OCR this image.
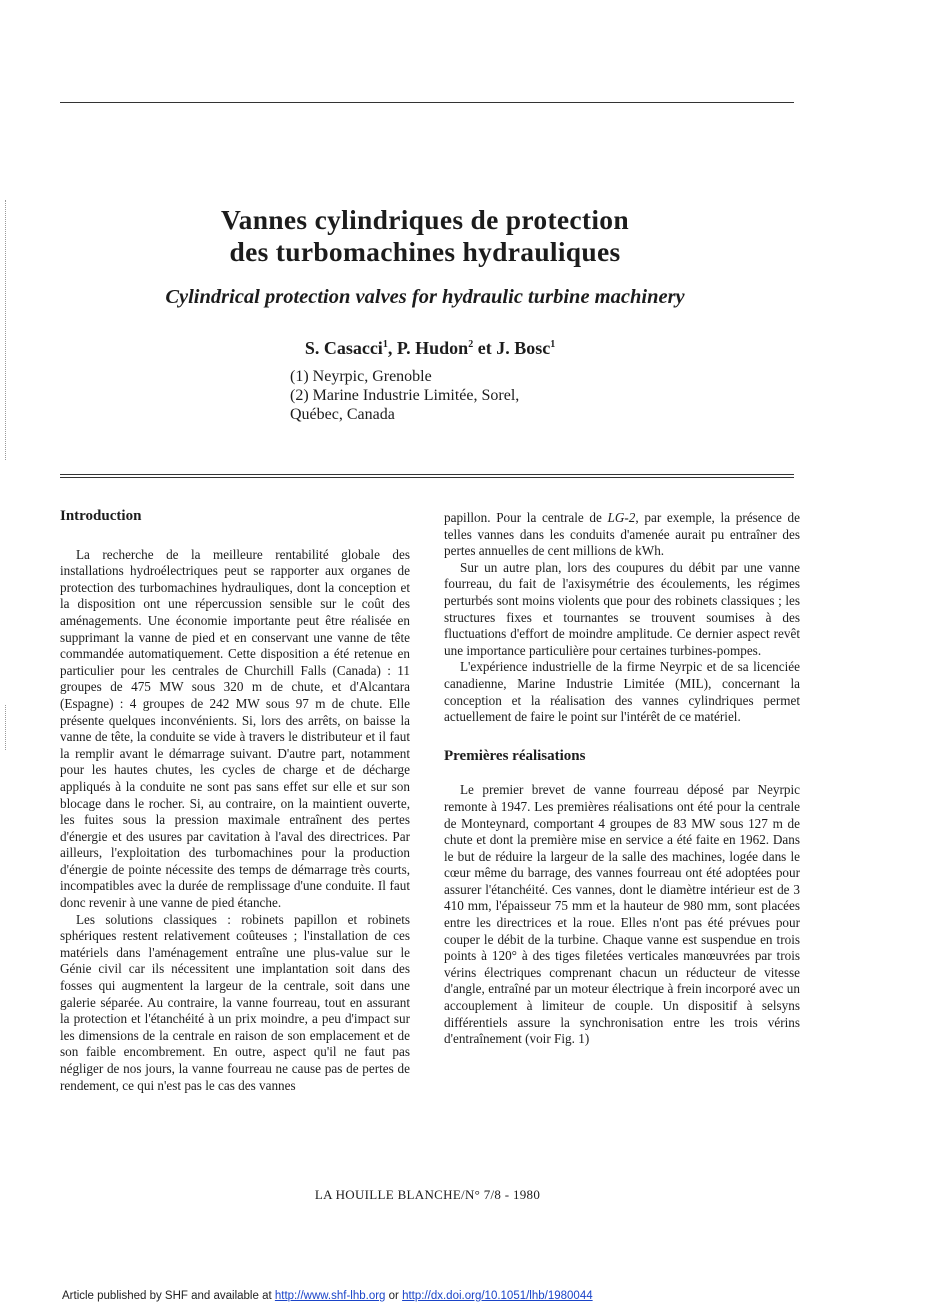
Vannes cylindriques de protection
des turbomachines hydrauliques
Cylindrical protection valves for hydraulic turbine machinery
S. Casacci$^1$, P. Hudon$^2$ et J. Bosc$^1$
(1) Neyrpic, Grenoble
(2) Marine Industrie Limitée, Sorel,
Québec, Canada
Introduction

La recherche de la meilleure rentabilité globale des installations hydroélectriques peut se rapporter aux organes de protection des turbomachines hydrauliques, dont la conception et la disposition ont une répercussion sensible sur le coût des aménagements. Une économie importante peut être réalisée en supprimant la vanne de pied et en conservant une vanne de tête commandée automatiquement. Cette disposition a été retenue en particulier pour les centrales de Churchill Falls (Canada) : 11 groupes de 475 MW sous 320 m de chute, et d'Alcantara (Espagne) : 4 groupes de 242 MW sous 97 m de chute. Elle présente quelques inconvénients. Si, lors des arrêts, on baisse la vanne de tête, la conduite se vide à travers le distributeur et il faut la remplir avant le démarrage suivant. D'autre part, notamment pour les hautes chutes, les cycles de charge et de décharge appliqués à la conduite ne sont pas sans effet sur elle et sur son blocage dans le rocher. Si, au contraire, on la maintient ouverte, les fuites sous la pression maximale entraînent des pertes d'énergie et des usures par cavitation à l'aval des directrices. Par ailleurs, l'exploitation des turbomachines pour la production d'énergie de pointe nécessite des temps de démarrage très courts, incompatibles avec la durée de remplissage d'une conduite. Il faut donc revenir à une vanne de pied étanche.

Les solutions classiques : robinets papillon et robinets sphériques restent relativement coûteuses ; l'installation de ces matériels dans l'aménagement entraîne une plus-value sur le Génie civil car ils nécessitent une implantation soit dans des fosses qui augmentent la largeur de la centrale, soit dans une galerie séparée. Au contraire, la vanne fourreau, tout en assurant la protection et l'étanchéité à un prix moindre, a peu d'impact sur les dimensions de la centrale en raison de son emplacement et de son faible encombrement. En outre, aspect qu'il ne faut pas négliger de nos jours, la vanne fourreau ne cause pas de pertes de rendement, ce qui n'est pas le cas des vannes

papillon. Pour la centrale de LG-2, par exemple, la présence de telles vannes dans les conduits d'amenée aurait pu entraîner des pertes annuelles de cent millions de kWh.

Sur un autre plan, lors des coupures du débit par une vanne fourreau, du fait de l'axisymétrie des écoulements, les régimes perturbés sont moins violents que pour des robinets classiques ; les structures fixes et tournantes se trouvent soumises à des fluctuations d'effort de moindre amplitude. Ce dernier aspect revêt une importance particulière pour certaines turbines-pompes.

L'expérience industrielle de la firme Neyrpic et de sa licenciée canadienne, Marine Industrie Limitée (MIL), concernant la conception et la réalisation des vannes cylindriques permet actuellement de faire le point sur l'intérêt de ce matériel.

Premières réalisations

Le premier brevet de vanne fourreau déposé par Neyrpic remonte à 1947. Les premières réalisations ont été pour la centrale de Monteynard, comportant 4 groupes de 83 MW sous 127 m de chute et dont la première mise en service a été faite en 1962. Dans le but de réduire la largeur de la salle des machines, logée dans le cœur même du barrage, des vannes fourreau ont été adoptées pour assurer l'étanchéité. Ces vannes, dont le diamètre intérieur est de 3 410 mm, l'épaisseur 75 mm et la hauteur de 980 mm, sont placées entre les directrices et la roue. Elles n'ont pas été prévues pour couper le débit de la turbine. Chaque vanne est suspendue en trois points à 120° à des tiges filetées verticales manœuvrées par trois vérins électriques comprenant chacun un réducteur de vitesse d'angle, entraîné par un moteur électrique à frein incorporé avec un accouplement à limiteur de couple. Un dispositif à selsyns différentiels assure la synchronisation entre les trois vérins d'entraînement (voir Fig. 1)

LA HOUILLE BLANCHE/N° 7/8 - 1980
Article published by SHF and available at http://www.shf-lhb.org or http://dx.doi.org/10.1051/lhb/1980044
